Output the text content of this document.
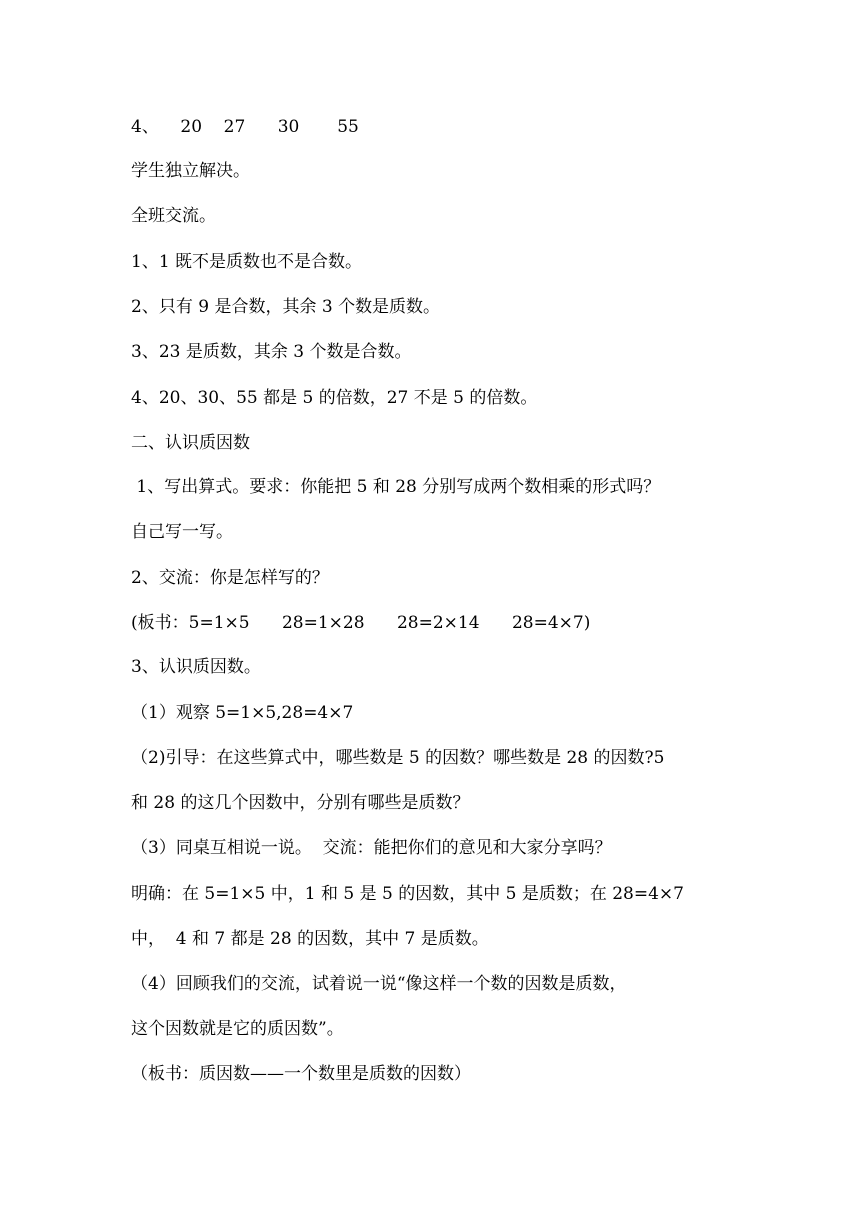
4、    20    27      30       55
学生独立解决。
全班交流。
1、1 既不是质数也不是合数。
2、只有 9 是合数，其余 3 个数是质数。
3、23 是质数，其余 3 个数是合数。
4、20、30、55 都是 5 的倍数，27 不是 5 的倍数。
二、认识质因数
1、写出算式。要求：你能把 5 和 28 分别写成两个数相乘的形式吗？
自己写一写。
2、交流：你是怎样写的？
(板书：5=1×5      28=1×28      28=2×14      28=4×7)
3、认识质因数。
（1）观察 5=1×5,28=4×7
（2)引导：在这些算式中，哪些数是 5 的因数？哪些数是 28 的因数?5
和 28 的这几个因数中，分别有哪些是质数？
（3）同桌互相说一说。  交流：能把你们的意见和大家分享吗？
明确：在 5=1×5 中，1 和 5 是 5 的因数，其中 5 是质数；在 28=4×7
中，  4 和 7 都是 28 的因数，其中 7 是质数。
（4）回顾我们的交流，试着说一说“像这样一个数的因数是质数，
这个因数就是它的质因数”。
（板书：质因数——一个数里是质数的因数）
